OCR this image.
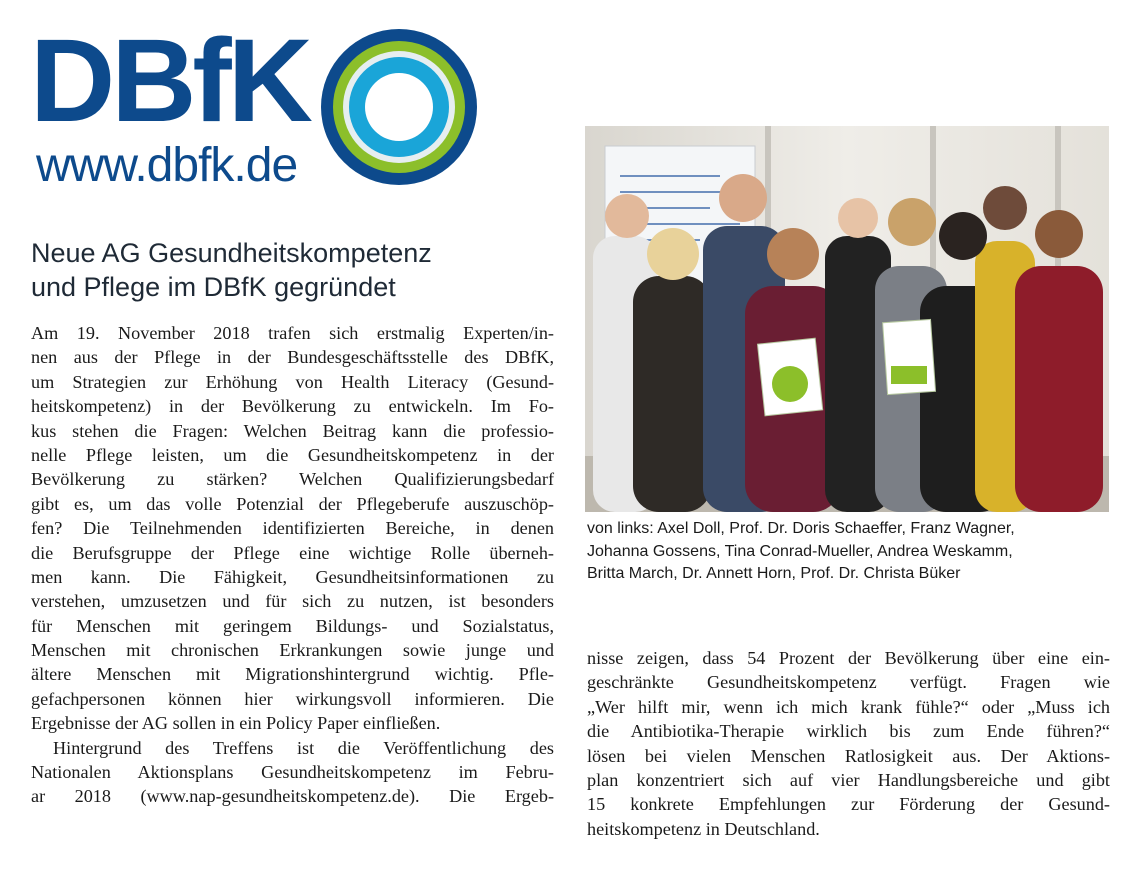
DBfK
www.dbfk.de
Neue AG Gesundheitskompetenz
und Pflege im DBfK gegründet
Am 19. November 2018 trafen sich erstmalig Experten/in-
nen aus der Pflege in der Bundesgeschäftsstelle des DBfK,
um Strategien zur Erhöhung von Health Literacy (Gesund-
heitskompetenz) in der Bevölkerung zu entwickeln. Im Fo-
kus stehen die Fragen: Welchen Beitrag kann die professio-
nelle Pflege leisten, um die Gesundheitskompetenz in der
Bevölkerung zu stärken? Welchen Qualifizierungsbedarf
gibt es, um das volle Potenzial der Pflegeberufe auszuschöp-
fen? Die Teilnehmenden identifizierten Bereiche, in denen
die Berufsgruppe der Pflege eine wichtige Rolle überneh-
men kann. Die Fähigkeit, Gesundheitsinformationen zu
verstehen, umzusetzen und für sich zu nutzen, ist besonders
für Menschen mit geringem Bildungs- und Sozialstatus,
Menschen mit chronischen Erkrankungen sowie junge und
ältere Menschen mit Migrationshintergrund wichtig. Pfle-
gefachpersonen können hier wirkungsvoll informieren. Die
Ergebnisse der AG sollen in ein Policy Paper einfließen.
Hintergrund des Treffens ist die Veröffentlichung des
Nationalen Aktionsplans Gesundheitskompetenz im Febru-
ar 2018 (www.nap-gesundheitskompetenz.de). Die Ergeb-
von links: Axel Doll, Prof. Dr. Doris Schaeffer, Franz Wagner,
Johanna Gossens, Tina Conrad-Mueller, Andrea Weskamm,
Britta March, Dr. Annett Horn, Prof. Dr. Christa Büker
nisse zeigen, dass 54 Prozent der Bevölkerung über eine ein-
geschränkte Gesundheitskompetenz verfügt. Fragen wie
„Wer hilft mir, wenn ich mich krank fühle?“ oder „Muss ich
die Antibiotika-Therapie wirklich bis zum Ende führen?“
lösen bei vielen Menschen Ratlosigkeit aus. Der Aktions-
plan konzentriert sich auf vier Handlungsbereiche und gibt
15 konkrete Empfehlungen zur Förderung der Gesund-
heitskompetenz in Deutschland.
